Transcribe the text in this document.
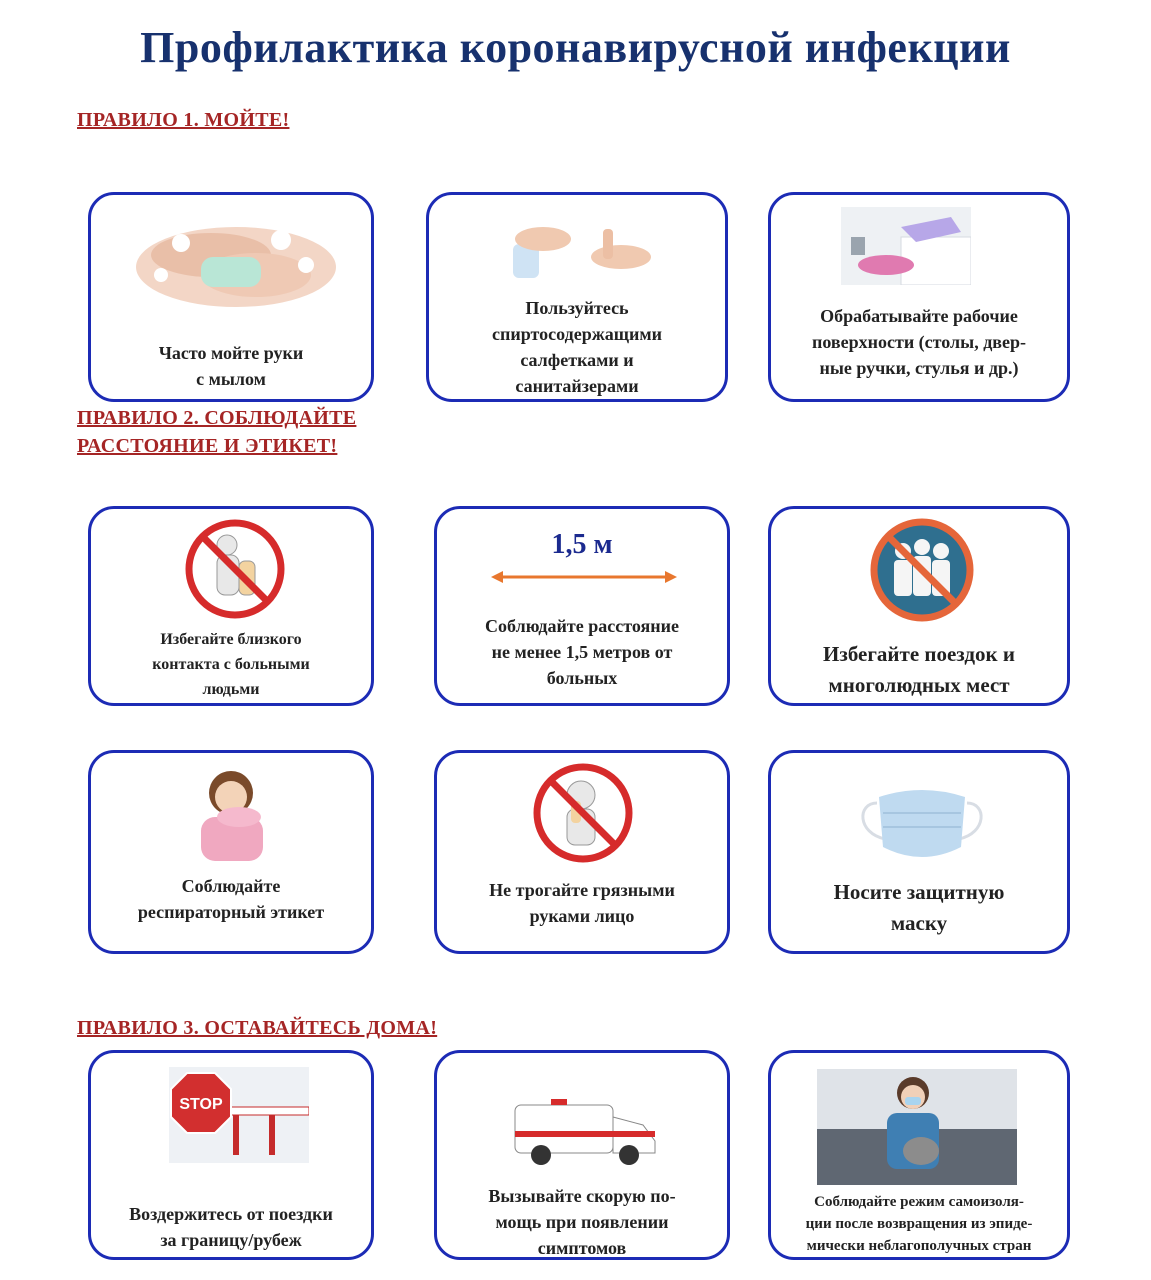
Профилактика коронавирусной инфекции
ПРАВИЛО 1. МОЙТЕ!
Часто мойте руки
с мылом
Пользуйтесь
спиртосодержащими
салфетками и
санитайзерами
Обрабатывайте рабочие
поверхности (столы, двер-
ные ручки, стулья и др.)
ПРАВИЛО 2. СОБЛЮДАЙТЕ
РАССТОЯНИЕ И ЭТИКЕТ!
Избегайте близкого
контакта с больными
людьми
1,5 м
Соблюдайте расстояние
не менее 1,5 метров от
больных
Избегайте поездок и
многолюдных мест
Соблюдайте
респираторный этикет
Не трогайте грязными
руками лицо
Носите защитную
маску
ПРАВИЛО 3. ОСТАВАЙТЕСЬ ДОМА!
STOP
Воздержитесь от поездки
за границу/рубеж
Вызывайте скорую по-
мощь при появлении
симптомов
Соблюдайте режим самоизоля-
ции после возвращения из эпиде-
мически неблагополучных стран
